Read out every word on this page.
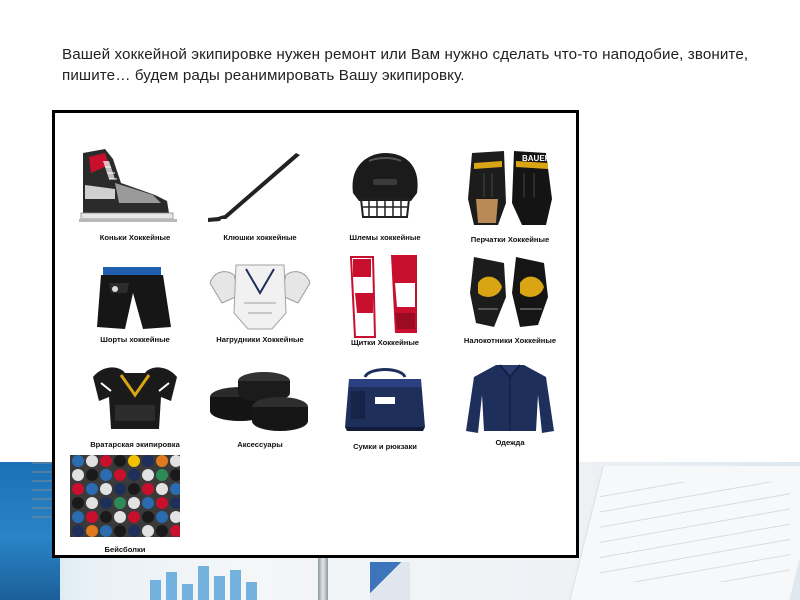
Вашей хоккейной экипировке нужен ремонт или Вам нужно сделать что-то наподобие, звоните, пишите… будем рады реанимировать Вашу экипировку.

Коньки Хоккейные	Клюшки хоккейные	Шлемы хоккейные
BAUER
Перчатки Хоккейные
Шорты хоккейные	Нагрудники Хоккейные	Щитки Хоккейные	Налокотники Хоккейные
Вратарская экипировка	Аксессуары	Сумки и рюкзаки	Одежда
Бейсболки
